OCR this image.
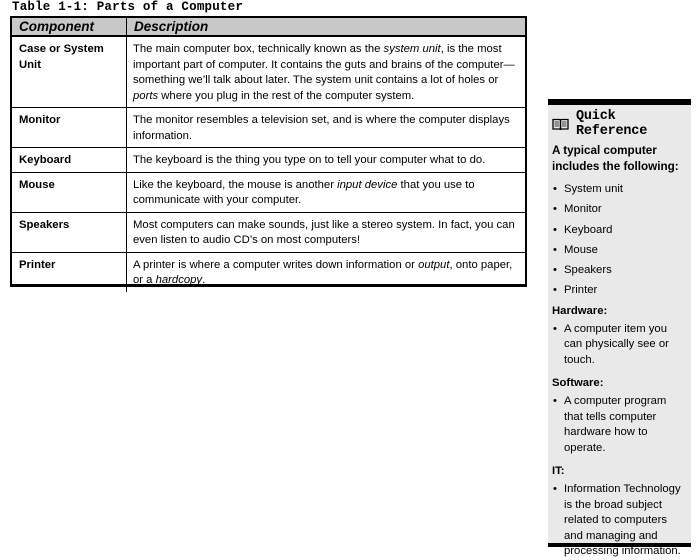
Table 1-1: Parts of a Computer
Component	Description
Case or System Unit	The main computer box, technically known as the system unit, is the most important part of computer. It contains the guts and brains of the computer—something we’ll talk about later. The system unit contains a lot of holes or ports where you plug in the rest of the computer system.
Monitor	The monitor resembles a television set, and is where the computer displays information.
Keyboard	The keyboard is the thing you type on to tell your computer what to do.
Mouse	Like the keyboard, the mouse is another input device that you use to communicate with your computer.
Speakers	Most computers can make sounds, just like a stereo system. In fact, you can even listen to audio CD’s on most computers!
Printer	A printer is where a computer writes down information or output, onto paper, or a hardcopy.
Quick Reference
A typical computer includes the following:
• System unit
• Monitor
• Keyboard
• Mouse
• Speakers
• Printer
Hardware:
• A computer item you can physically see or touch.
Software:
• A computer program that tells computer hardware how to operate.
IT:
• Information Technology is the broad subject related to computers and managing and processing information.
